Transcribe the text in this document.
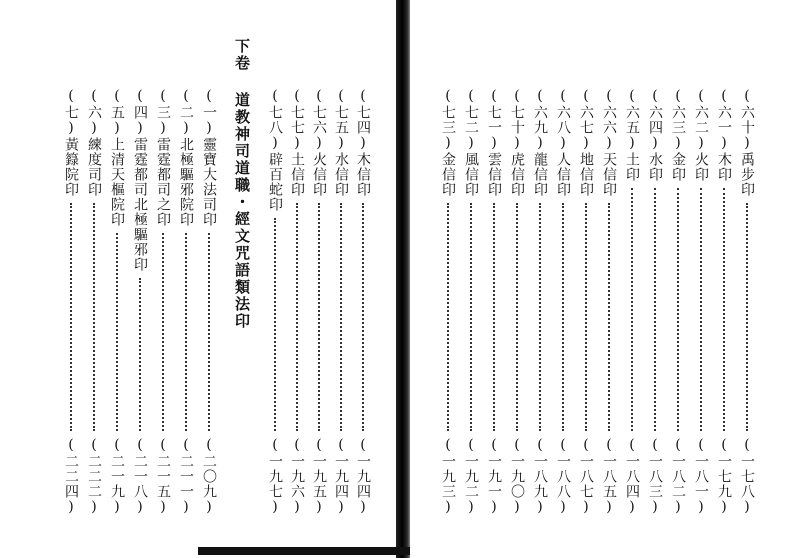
(七四)
木信印
(一九四)
(七五)
水信印
(一九四)
(七六)
火信印
(一九五)
(七七)
土信印
(一九六)
(七八)
辟百蛇印
(一九七)
下卷
道教神司道職・經文咒語類法印
(一)
靈寶大法司印
(二〇九)
(二)
北極驅邪院印
(二一一)
(三)
雷霆都司之印
(二一五)
(四)
雷霆都司北極驅邪印
(二一八)
(五)
上清天樞院印
(二一九)
(六)
練度司印
(二二二)
(七)
黃籙院印
(二二四)
(六十)
禹步印
(一七八)
(六一)
木印
(一七九)
(六二)
火印
(一八一)
(六三)
金印
(一八二)
(六四)
水印
(一八三)
(六五)
土印
(一八四)
(六六)
天信印
(一八五)
(六七)
地信印
(一八七)
(六八)
人信印
(一八八)
(六九)
龍信印
(一八九)
(七十)
虎信印
(一九〇)
(七一)
雲信印
(一九一)
(七二)
風信印
(一九二)
(七三)
金信印
(一九三)
